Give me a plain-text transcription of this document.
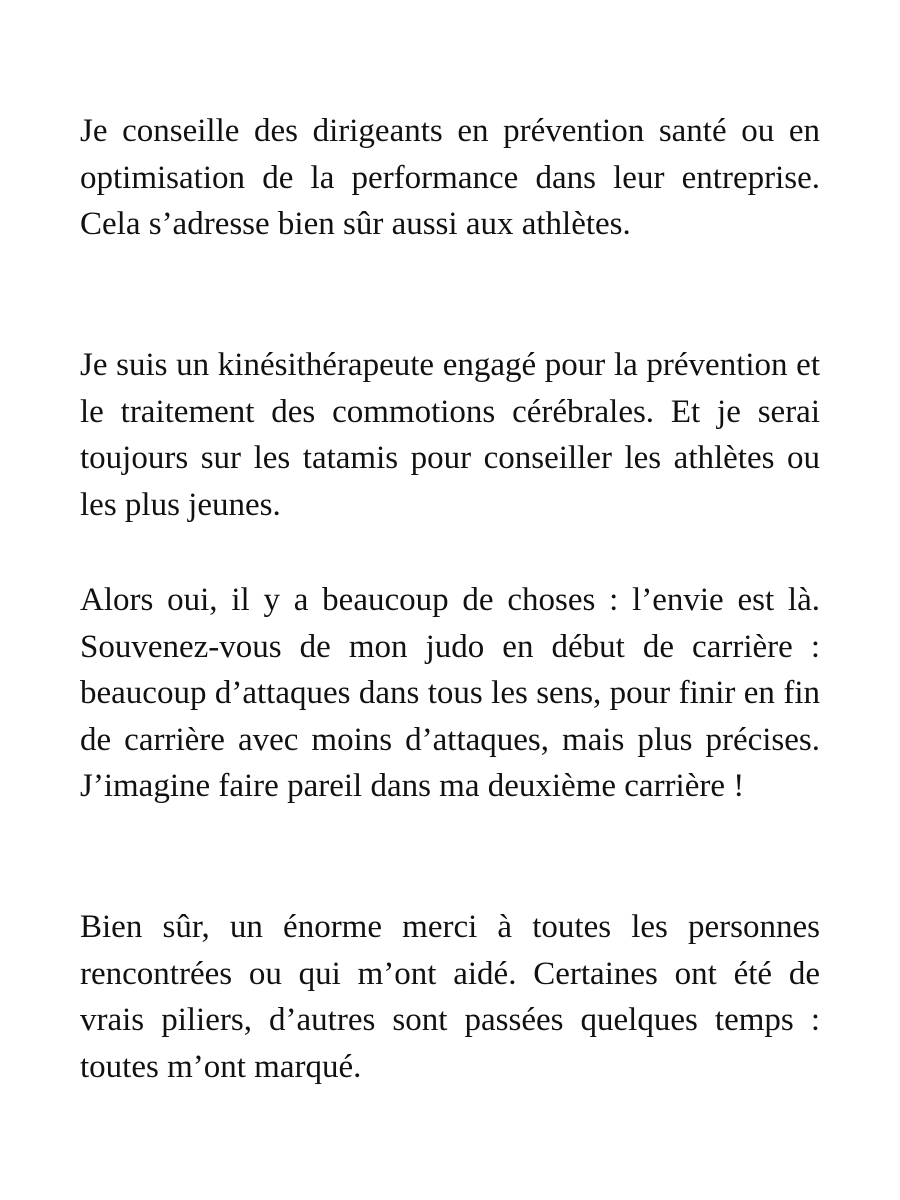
Je conseille des dirigeants en prévention santé ou en optimisation de la performance dans leur entreprise. Cela s’adresse bien sûr aussi aux athlètes.

Je suis un kinésithérapeute engagé pour la prévention et le traitement des commotions cérébrales. Et je serai toujours sur les tatamis pour conseiller les athlètes ou les plus jeunes.

Alors oui, il y a beaucoup de choses : l’envie est là. Souvenez-vous de mon judo en début de carrière : beaucoup d’attaques dans tous les sens, pour finir en fin de carrière avec moins d’attaques, mais plus précises. J’imagine faire pareil dans ma deuxième carrière !

Bien sûr, un énorme merci à toutes les personnes rencontrées ou qui m’ont aidé. Certaines ont été de vrais piliers, d’autres sont passées quelques temps : toutes m’ont marqué.
